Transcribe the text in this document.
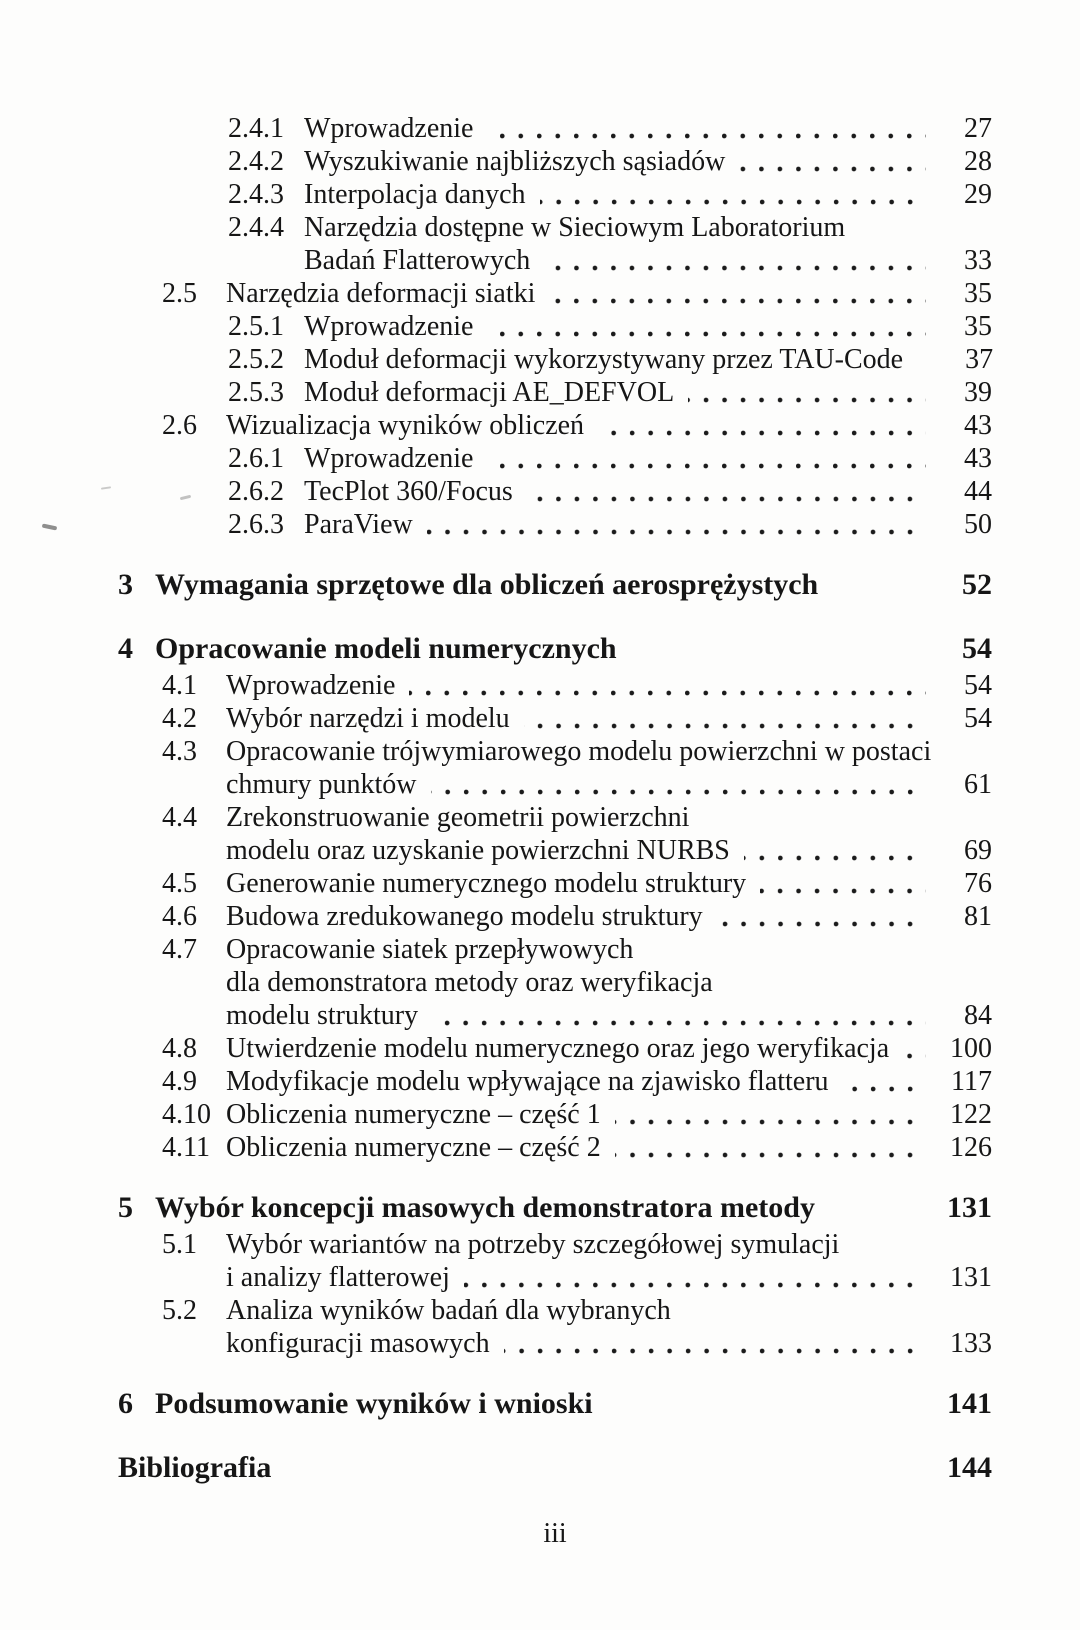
2.4.1 Wprowadzenie	27
2.4.2 Wyszukiwanie najbliższych sąsiadów	28
2.4.3 Interpolacja danych	29
2.4.4 Narzędzia dostępne w Sieciowym Laboratorium
Badań Flatterowych	33
2.5	Narzędzia deformacji siatki	35
2.5.1 Wprowadzenie	35
2.5.2 Moduł deformacji wykorzystywany przez TAU-Code	37
2.5.3 Moduł deformacji AE_DEFVOL	39
2.6	Wizualizacja wyników obliczeń	43
2.6.1 Wprowadzenie	43
2.6.2 TecPlot 360/Focus	44
2.6.3 ParaView	50
3 Wymagania sprzętowe dla obliczeń aerosprężystych	52
4 Opracowanie modeli numerycznych	54
4.1	Wprowadzenie	54
4.2	Wybór narzędzi i modelu	54
4.3	Opracowanie trójwymiarowego modelu powierzchni w postaci
chmury punktów	61
4.4	Zrekonstruowanie geometrii powierzchni
modelu oraz uzyskanie powierzchni NURBS	69
4.5	Generowanie numerycznego modelu struktury	76
4.6	Budowa zredukowanego modelu struktury	81
4.7	Opracowanie siatek przepływowych
dla demonstratora metody oraz weryfikacja
modelu struktury	84
4.8	Utwierdzenie modelu numerycznego oraz jego weryfikacja	100
4.9	Modyfikacje modelu wpływające na zjawisko flatteru	117
4.10 Obliczenia numeryczne – część 1	122
4.11 Obliczenia numeryczne – część 2	126
5 Wybór koncepcji masowych demonstratora metody	131
5.1	Wybór wariantów na potrzeby szczegółowej symulacji
i analizy flatterowej	131
5.2	Analiza wyników badań dla wybranych
konfiguracji masowych	133
6 Podsumowanie wyników i wnioski	141
Bibliografia	144
iii
